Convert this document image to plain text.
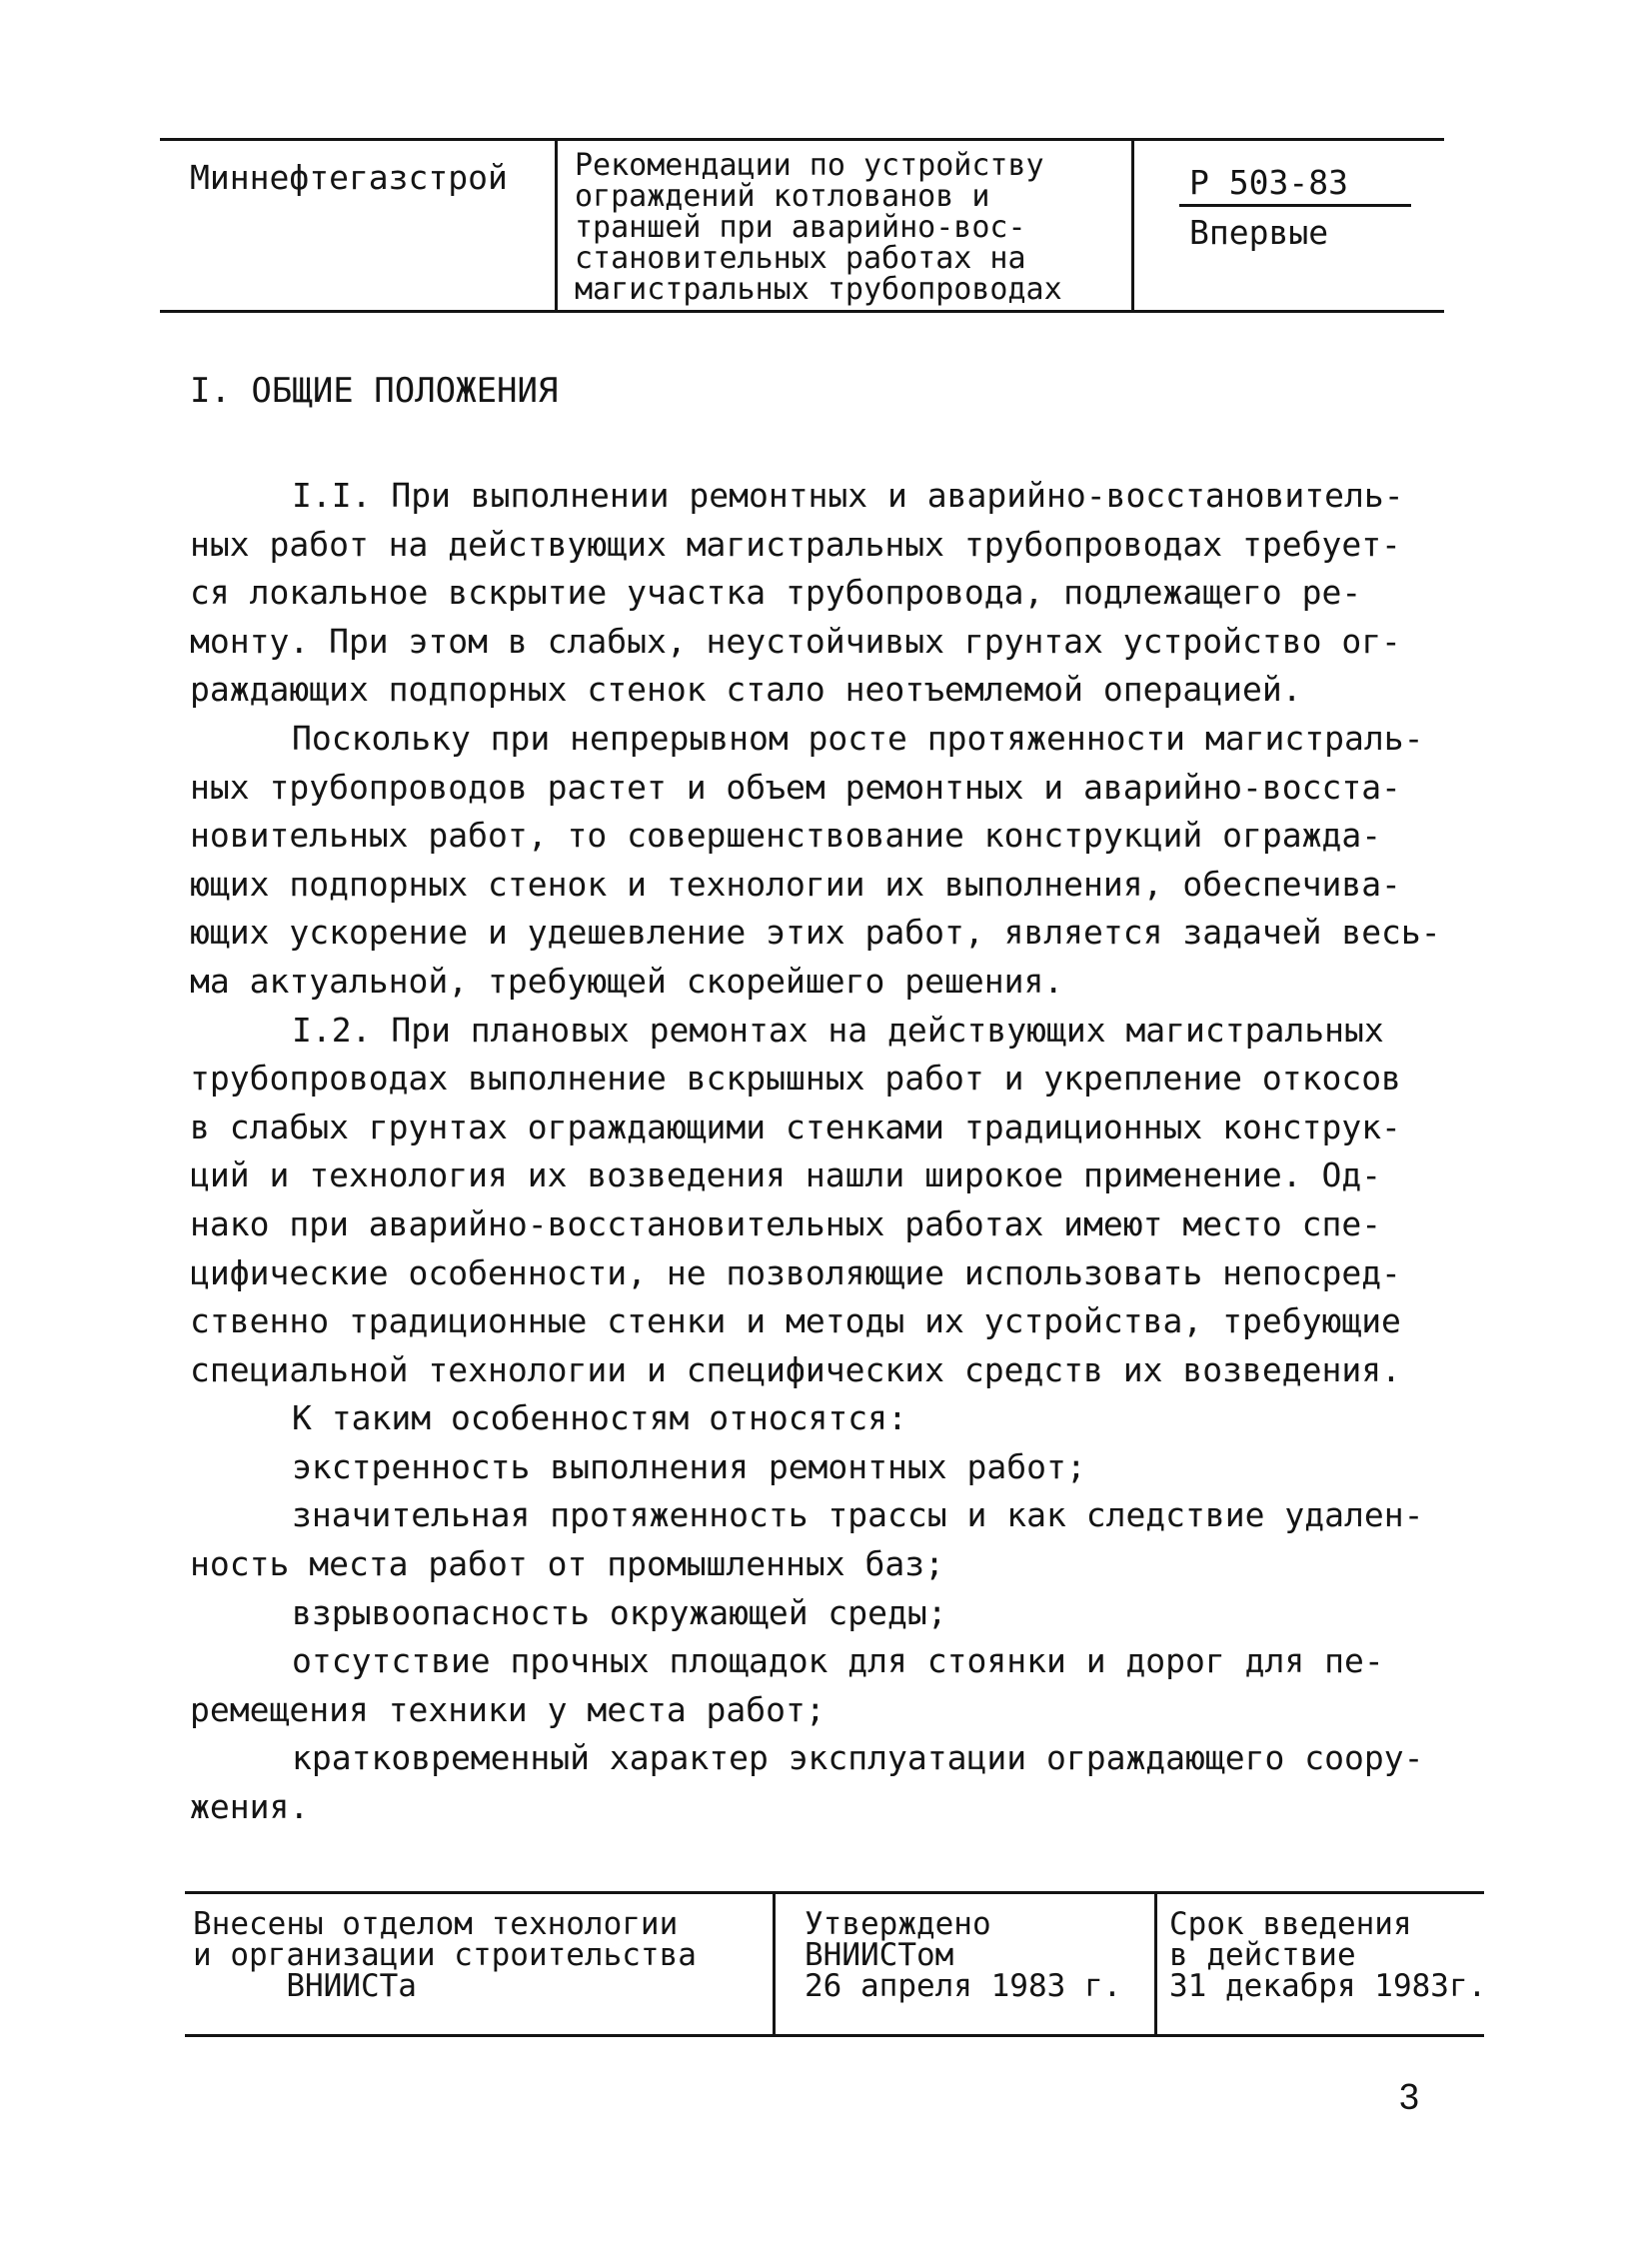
Миннефтегазстрой Рекомендации по устройству
ограждений котлованов и
траншей при аварийно-вос-
становительных работах на
магистральных трубопроводах
Р 503-83
Впервые
I. ОБЩИЕ ПОЛОЖЕНИЯ
I.I. При выполнении ремонтных и аварийно-восстановитель-
ных работ на действующих магистральных трубопроводах требует-
ся локальное вскрытие участка трубопровода, подлежащего ре-
монту. При этом в слабых, неустойчивых грунтах устройство ог-
раждающих подпорных стенок стало неотъемлемой операцией.
Поскольку при непрерывном росте протяженности магистраль-
ных трубопроводов растет и объем ремонтных и аварийно-восста-
новительных работ, то совершенствование конструкций огражда-
ющих подпорных стенок и технологии их выполнения, обеспечива-
ющих ускорение и удешевление этих работ, является задачей весь-
ма актуальной, требующей скорейшего решения.
I.2. При плановых ремонтах на действующих магистральных
трубопроводах выполнение вскрышных работ и укрепление откосов
в слабых грунтах ограждающими стенками традиционных конструк-
ций и технология их возведения нашли широкое применение. Од-
нако при аварийно-восстановительных работах имеют место спе-
цифические особенности, не позволяющие использовать непосред-
ственно традиционные стенки и методы их устройства, требующие
специальной технологии и специфических средств их возведения.
К таким особенностям относятся:
экстренность выполнения ремонтных работ;
значительная протяженность трассы и как следствие удален-
ность места работ от промышленных баз;
взрывоопасность окружающей среды;
отсутствие прочных площадок для стоянки и дорог для пе-
ремещения техники у места работ;
кратковременный характер эксплуатации ограждающего соору-
жения.
Внесены отделом технологии
и организации строительства
ВНИИСТа
Утверждено
ВНИИСТом
26 апреля 1983 г.
Срок введения
в действие
31 декабря 1983г.
3
